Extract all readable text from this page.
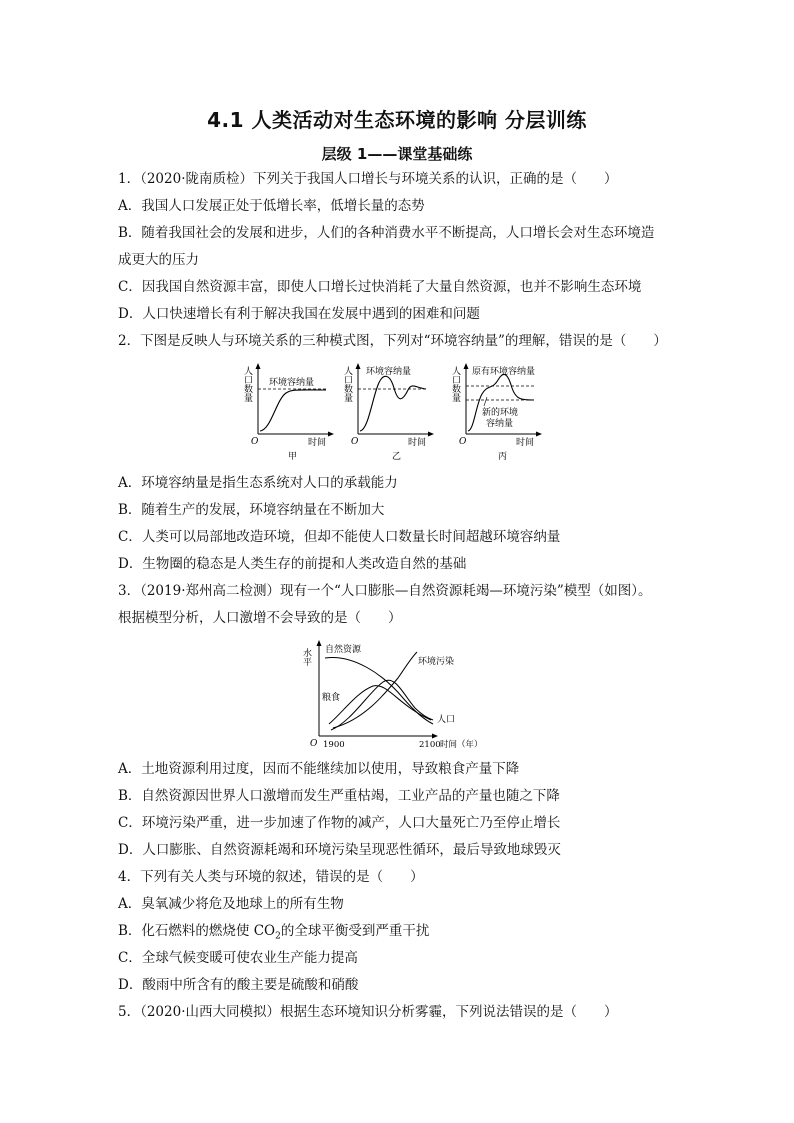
4.1 人类活动对生态环境的影响 分层训练
层级 1——课堂基础练
1．（2020·陇南质检）下列关于我国人口增长与环境关系的认识，正确的是（　　）
A．我国人口发展正处于低增长率，低增长量的态势
B．随着我国社会的发展和进步，人们的各种消费水平不断提高，人口增长会对生态环境造
成更大的压力
C．因我国自然资源丰富，即使人口增长过快消耗了大量自然资源，也并不影响生态环境
D．人口快速增长有利于解决我国在发展中遇到的困难和问题
2．下图是反映人与环境关系的三种模式图，下列对“环境容纳量”的理解，错误的是（　　）
人口数量
O	时间
环境容纳量
甲
人口数量
O	时间
环境容纳量
乙
人口数量
O	时间
原有环境容纳量
新的环境
容纳量
丙
A．环境容纳量是指生态系统对人口的承载能力
B．随着生产的发展，环境容纳量在不断加大
C．人类可以局部地改造环境，但却不能使人口数量长时间超越环境容纳量
D．生物圈的稳态是人类生存的前提和人类改造自然的基础
3．（2019·郑州高二检测）现有一个“人口膨胀—自然资源耗竭—环境污染”模型（如图）。
根据模型分析，人口激增不会导致的是（　　）
水平
O 1900	2100 时间（年）
自然资源
环境污染
粮食
人口
A．土地资源利用过度，因而不能继续加以使用，导致粮食产量下降
B．自然资源因世界人口激增而发生严重枯竭，工业产品的产量也随之下降
C．环境污染严重，进一步加速了作物的减产，人口大量死亡乃至停止增长
D．人口膨胀、自然资源耗竭和环境污染呈现恶性循环，最后导致地球毁灭
4．下列有关人类与环境的叙述，错误的是（　　）
A．臭氧减少将危及地球上的所有生物
B．化石燃料的燃烧使 $CO_2$的全球平衡受到严重干扰
C．全球气候变暖可使农业生产能力提高
D．酸雨中所含有的酸主要是硫酸和硝酸
5．（2020·山西大同模拟）根据生态环境知识分析雾霾，下列说法错误的是（　　）
